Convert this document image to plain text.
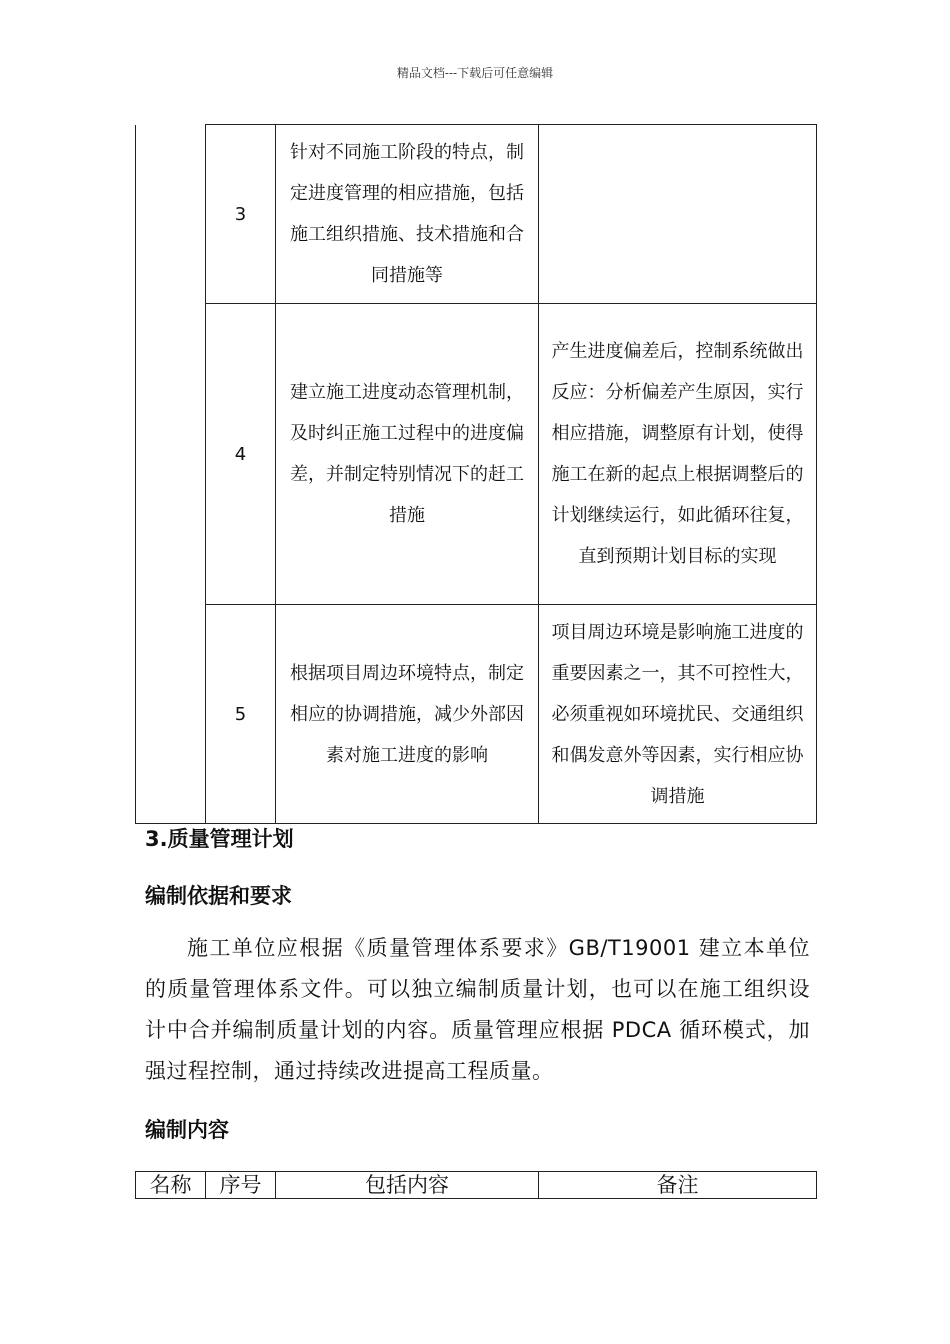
精品文档---下载后可任意编辑
	3	针对不同施工阶段的特点，制定进度管理的相应措施，包括施工组织措施、技术措施和合同措施等	
	4	建立施工进度动态管理机制，及时纠正施工过程中的进度偏差，并制定特别情况下的赶工措施	产生进度偏差后，控制系统做出反应：分析偏差产生原因，实行相应措施，调整原有计划，使得施工在新的起点上根据调整后的计划继续运行，如此循环往复，直到预期计划目标的实现
	5	根据项目周边环境特点，制定相应的协调措施，减少外部因素对施工进度的影响	项目周边环境是影响施工进度的重要因素之一，其不可控性大，必须重视如环境扰民、交通组织和偶发意外等因素，实行相应协调措施
3.质量管理计划
编制依据和要求
施工单位应根据《质量管理体系要求》GB/T19001 建立本单位的质量管理体系文件。可以独立编制质量计划，也可以在施工组织设计中合并编制质量计划的内容。质量管理应根据 PDCA 循环模式，加强过程控制，通过持续改进提高工程质量。
编制内容
名称	序号	包括内容	备注
